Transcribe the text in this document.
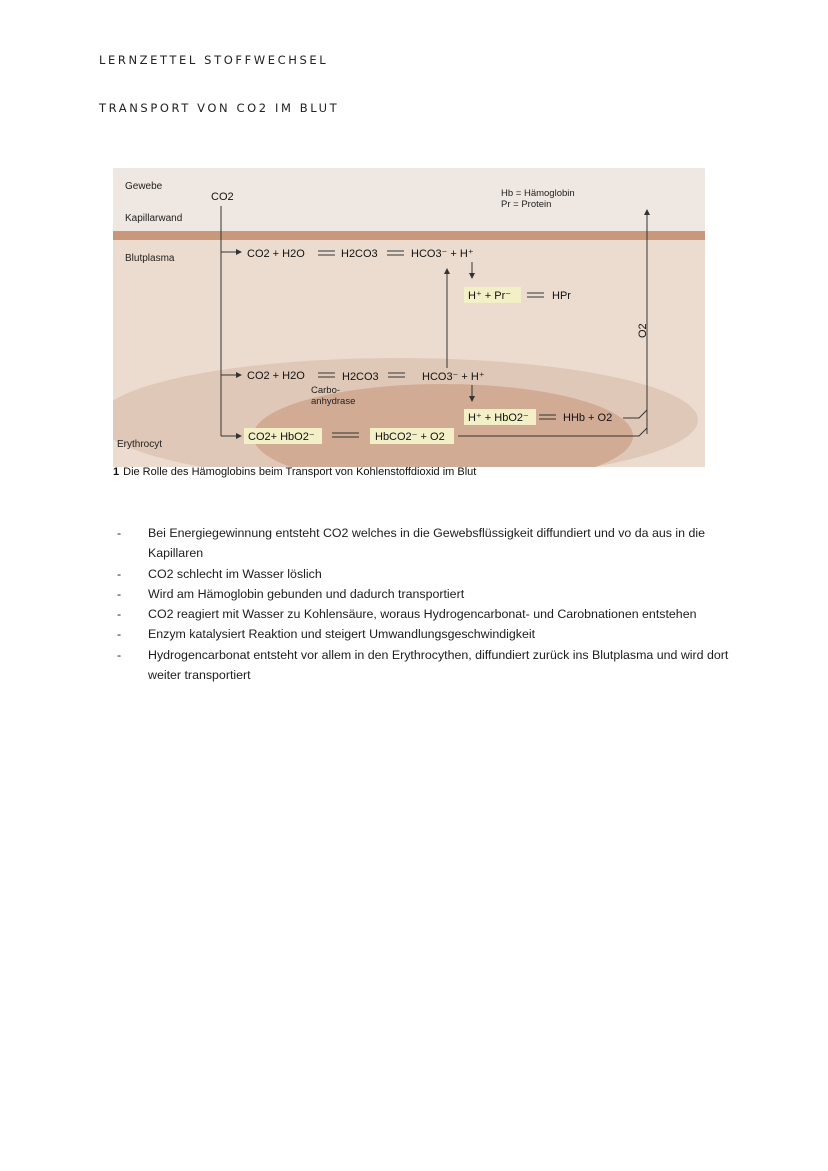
LERNZETTEL STOFFWECHSEL
TRANSPORT VON CO2 IM BLUT
Gewebe
Kapillarwand
Blutplasma
Erythrocyt
Hb = Hämoglobin
Pr = Protein
CO2
CO2 + H2O	H2CO3	HCO3⁻ + H⁺
H⁺ + Pr⁻	HPr
O2
CO2 + H2O	H2CO3	HCO3⁻ + H⁺
Carbo-
anhydrase
H⁺ + HbO2⁻	HHb + O2
CO2+ HbO2⁻	HbCO2⁻ + O2
1 Die Rolle des Hämoglobins beim Transport von Kohlenstoffdioxid im Blut
- Bei Energiegewinnung entsteht CO2 welches in die Gewebsflüssigkeit diffundiert und vo da aus in die Kapillaren
- CO2 schlecht im Wasser löslich
- Wird am Hämoglobin gebunden und dadurch transportiert
- CO2 reagiert mit Wasser zu Kohlensäure, woraus Hydrogencarbonat- und Carobnationen entstehen
- Enzym katalysiert Reaktion und steigert Umwandlungsgeschwindigkeit
- Hydrogencarbonat entsteht vor allem in den Erythrocythen, diffundiert zurück ins Blutplasma und wird dort weiter transportiert
